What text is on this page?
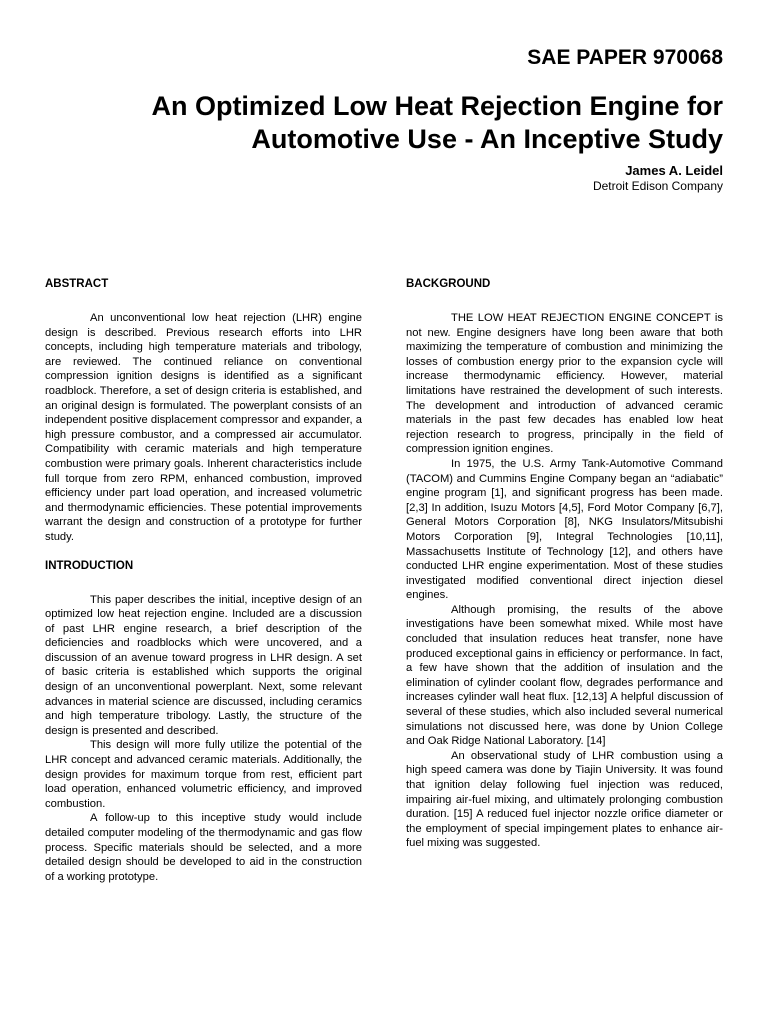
SAE PAPER 970068
An Optimized Low Heat Rejection Engine for
Automotive Use - An Inceptive Study
James A. Leidel
Detroit Edison Company
ABSTRACT

An unconventional low heat rejection (LHR) engine design is described. Previous research efforts into LHR concepts, including high temperature materials and tribology, are reviewed. The continued reliance on conventional compression ignition designs is identified as a significant roadblock. Therefore, a set of design criteria is established, and an original design is formulated. The powerplant consists of an independent positive displacement compressor and expander, a high pressure combustor, and a compressed air accumulator. Compatibility with ceramic materials and high temperature combustion were primary goals. Inherent characteristics include full torque from zero RPM, enhanced combustion, improved efficiency under part load operation, and increased volumetric and thermodynamic efficiencies. These potential improvements warrant the design and construction of a prototype for further study.

INTRODUCTION

This paper describes the initial, inceptive design of an optimized low heat rejection engine. Included are a discussion of past LHR engine research, a brief description of the deficiencies and roadblocks which were uncovered, and a discussion of an avenue toward progress in LHR design. A set of basic criteria is established which supports the original design of an unconventional powerplant. Next, some relevant advances in material science are discussed, including ceramics and high temperature tribology. Lastly, the structure of the design is presented and described.

This design will more fully utilize the potential of the LHR concept and advanced ceramic materials. Additionally, the design provides for maximum torque from rest, efficient part load operation, enhanced volumetric efficiency, and improved combustion.

A follow-up to this inceptive study would include detailed computer modeling of the thermodynamic and gas flow process. Specific materials should be selected, and a more detailed design should be developed to aid in the construction of a working prototype.

BACKGROUND

THE LOW HEAT REJECTION ENGINE CONCEPT is not new. Engine designers have long been aware that both maximizing the temperature of combustion and minimizing the losses of combustion energy prior to the expansion cycle will increase thermodynamic efficiency. However, material limitations have restrained the development of such interests. The development and introduction of advanced ceramic materials in the past few decades has enabled low heat rejection research to progress, principally in the field of compression ignition engines.

In 1975, the U.S. Army Tank-Automotive Command (TACOM) and Cummins Engine Company began an “adiabatic” engine program [1], and significant progress has been made. [2,3] In addition, Isuzu Motors [4,5], Ford Motor Company [6,7], General Motors Corporation [8], NKG Insulators/Mitsubishi Motors Corporation [9], Integral Technologies [10,11], Massachusetts Institute of Technology [12], and others have conducted LHR engine experimentation. Most of these studies investigated modified conventional direct injection diesel engines.

Although promising, the results of the above investigations have been somewhat mixed. While most have concluded that insulation reduces heat transfer, none have produced exceptional gains in efficiency or performance. In fact, a few have shown that the addition of insulation and the elimination of cylinder coolant flow, degrades performance and increases cylinder wall heat flux. [12,13] A helpful discussion of several of these studies, which also included several numerical simulations not discussed here, was done by Union College and Oak Ridge National Laboratory. [14]

An observational study of LHR combustion using a high speed camera was done by Tiajin University. It was found that ignition delay following fuel injection was reduced, impairing air-fuel mixing, and ultimately prolonging combustion duration. [15] A reduced fuel injector nozzle orifice diameter or the employment of special impingement plates to enhance air-fuel mixing was suggested.
